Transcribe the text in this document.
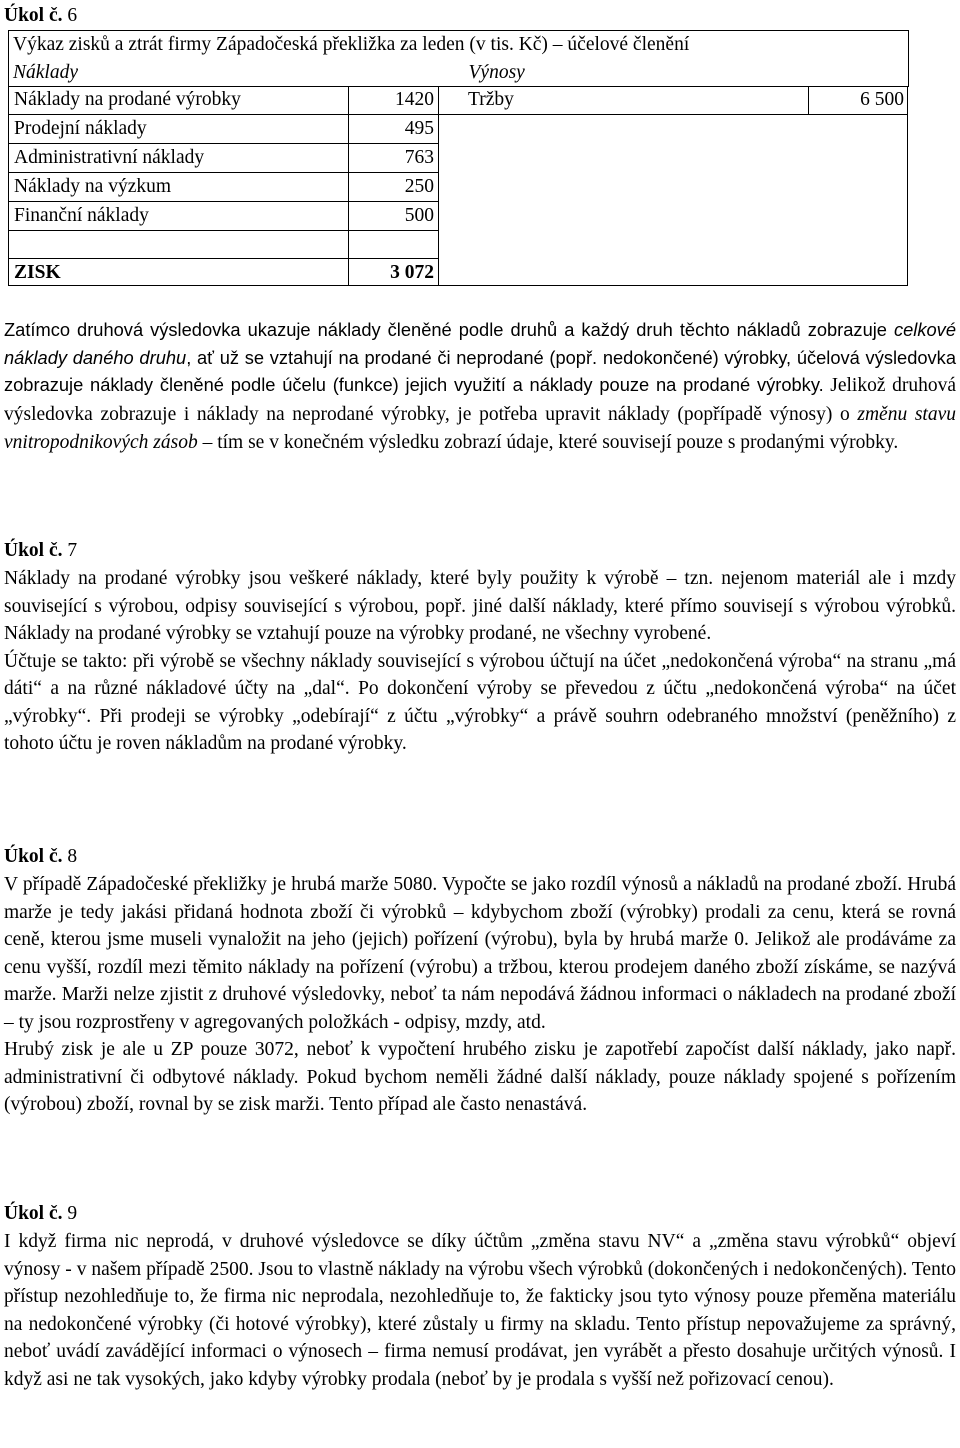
Úkol č. 6
Výkaz zisků a ztrát firmy Západočeská překližka za leden (v tis. Kč) – účelové členění
Náklady		Výnosy
Náklady na prodané výrobky	1420 Tržby	6 500
Prodejní náklady	495
Administrativní náklady	763
Náklady na výzkum	250
Finanční náklady	500
ZISK	3 072

Zatímco druhová výsledovka ukazuje náklady členěné podle druhů a každý druh těchto nákladů zobrazuje celkové náklady daného druhu, ať už se vztahují na prodané či neprodané (popř. nedokončené) výrobky, účelová výsledovka zobrazuje náklady členěné podle účelu (funkce) jejich využití a náklady pouze na prodané výrobky. Jelikož druhová výsledovka zobrazuje i náklady na neprodané výrobky, je potřeba upravit náklady (popřípadě výnosy) o změnu stavu vnitropodnikových zásob – tím se v konečném výsledku zobrazí údaje, které souvisejí pouze s prodanými výrobky.

Úkol č. 7

Náklady na prodané výrobky jsou veškeré náklady, které byly použity k výrobě – tzn. nejenom materiál ale i mzdy související s výrobou, odpisy související s výrobou, popř. jiné další náklady, které přímo souvisejí s výrobou výrobků. Náklady na prodané výrobky se vztahují pouze na výrobky prodané, ne všechny vyrobené.

Účtuje se takto: při výrobě se všechny náklady související s výrobou účtují na účet „nedokončená výroba“ na stranu „má dáti“ a na různé nákladové účty na „dal“. Po dokončení výroby se převedou z účtu „nedokončená výroba“ na účet „výrobky“. Při prodeji se výrobky „odebírají“ z účtu „výrobky“ a právě souhrn odebraného množství (peněžního) z tohoto účtu je roven nákladům na prodané výrobky.

Úkol č. 8

V případě Západočeské překližky je hrubá marže 5080. Vypočte se jako rozdíl výnosů a nákladů na prodané zboží. Hrubá marže je tedy jakási přidaná hodnota zboží či výrobků – kdybychom zboží (výrobky) prodali za cenu, která se rovná ceně, kterou jsme museli vynaložit na jeho (jejich) pořízení (výrobu), byla by hrubá marže 0. Jelikož ale prodáváme za cenu vyšší, rozdíl mezi těmito náklady na pořízení (výrobu) a tržbou, kterou prodejem daného zboží získáme, se nazývá marže. Marži nelze zjistit z druhové výsledovky, neboť ta nám nepodává žádnou informaci o nákladech na prodané zboží – ty jsou rozprostřeny v agregovaných položkách - odpisy, mzdy, atd.

Hrubý zisk je ale u ZP pouze 3072, neboť k vypočtení hrubého zisku je zapotřebí započíst další náklady, jako např. administrativní či odbytové náklady. Pokud bychom neměli žádné další náklady, pouze náklady spojené s pořízením (výrobou) zboží, rovnal by se zisk marži. Tento případ ale často nenastává.

Úkol č. 9

I když firma nic neprodá, v druhové výsledovce se díky účtům „změna stavu NV“ a „změna stavu výrobků“ objeví výnosy - v našem případě 2500. Jsou to vlastně náklady na výrobu všech výrobků (dokončených i nedokončených). Tento přístup nezohledňuje to, že firma nic neprodala, nezohledňuje to, že fakticky jsou tyto výnosy pouze přeměna materiálu na nedokončené výrobky (či hotové výrobky), které zůstaly u firmy na skladu. Tento přístup nepovažujeme za správný, neboť uvádí zavádějící informaci o výnosech – firma nemusí prodávat, jen vyrábět a přesto dosahuje určitých výnosů. I když asi ne tak vysokých, jako kdyby výrobky prodala (neboť by je prodala s vyšší než pořizovací cenou).
